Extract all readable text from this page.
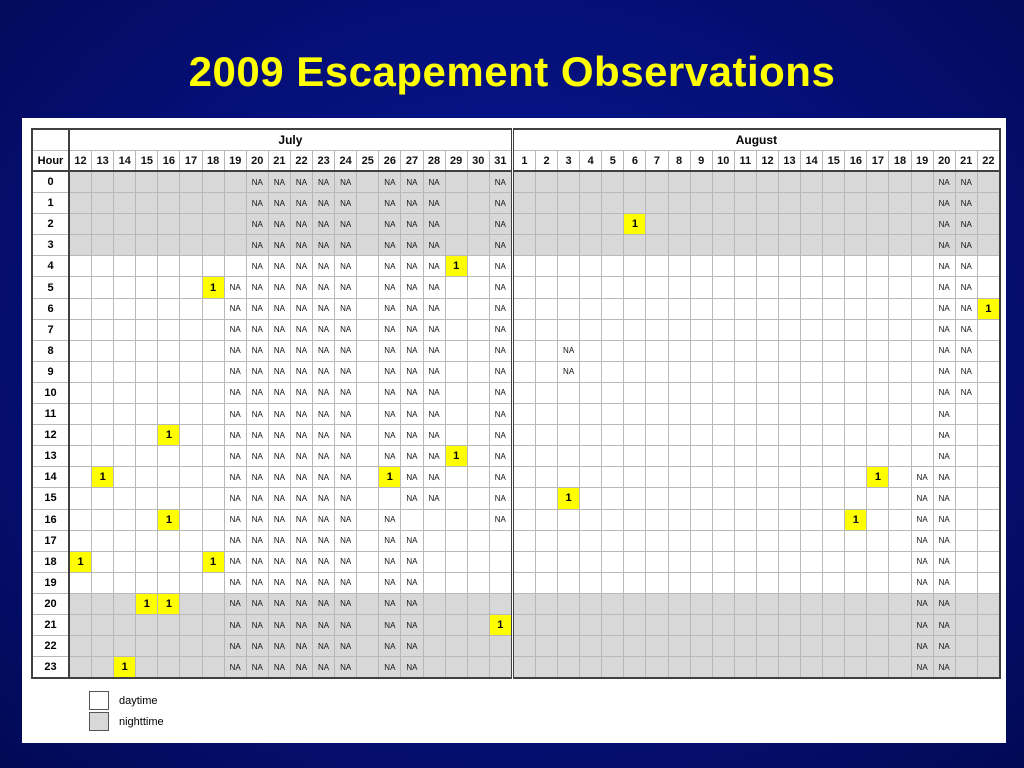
2009 Escapement Observations
	July																				August																					
Hour	12	13	14	15	16	17	18	19	20	21	22	23	24	25	26	27	28	29	30	31	1	2	3	4	5	6	7	8	9	10	11	12	13	14	15	16	17	18	19	20	21	22
0									NA	NA	NA	NA	NA		NA	NA	NA			NA																				NA	NA	
1									NA	NA	NA	NA	NA		NA	NA	NA			NA																				NA	NA	
2									NA	NA	NA	NA	NA		NA	NA	NA			NA						1														NA	NA	
3									NA	NA	NA	NA	NA		NA	NA	NA			NA																				NA	NA	
4									NA	NA	NA	NA	NA		NA	NA	NA	1		NA																				NA	NA	
5							1	NA	NA	NA	NA	NA	NA		NA	NA	NA			NA																				NA	NA	
6								NA	NA	NA	NA	NA	NA		NA	NA	NA			NA																				NA	NA	1
7								NA	NA	NA	NA	NA	NA		NA	NA	NA			NA																				NA	NA	
8								NA	NA	NA	NA	NA	NA		NA	NA	NA			NA			NA																	NA	NA	
9								NA	NA	NA	NA	NA	NA		NA	NA	NA			NA			NA																	NA	NA	
10								NA	NA	NA	NA	NA	NA		NA	NA	NA			NA																				NA	NA	
11								NA	NA	NA	NA	NA	NA		NA	NA	NA			NA																				NA		
12					1			NA	NA	NA	NA	NA	NA		NA	NA	NA			NA																				NA		
13								NA	NA	NA	NA	NA	NA		NA	NA	NA	1		NA																				NA		
14		1						NA	NA	NA	NA	NA	NA		1	NA	NA			NA																	1		NA	NA		
15								NA	NA	NA	NA	NA	NA			NA	NA			NA			1																NA	NA		
16					1			NA	NA	NA	NA	NA	NA		NA					NA																1			NA	NA		
17								NA	NA	NA	NA	NA	NA		NA	NA																							NA	NA		
18	1						1	NA	NA	NA	NA	NA	NA		NA	NA																							NA	NA		
19								NA	NA	NA	NA	NA	NA		NA	NA																							NA	NA		
20				1	1			NA	NA	NA	NA	NA	NA		NA	NA																							NA	NA		
21								NA	NA	NA	NA	NA	NA		NA	NA				1																			NA	NA		
22								NA	NA	NA	NA	NA	NA		NA	NA																							NA	NA		
23			1					NA	NA	NA	NA	NA	NA		NA	NA																							NA	NA		
daytime
nighttime
